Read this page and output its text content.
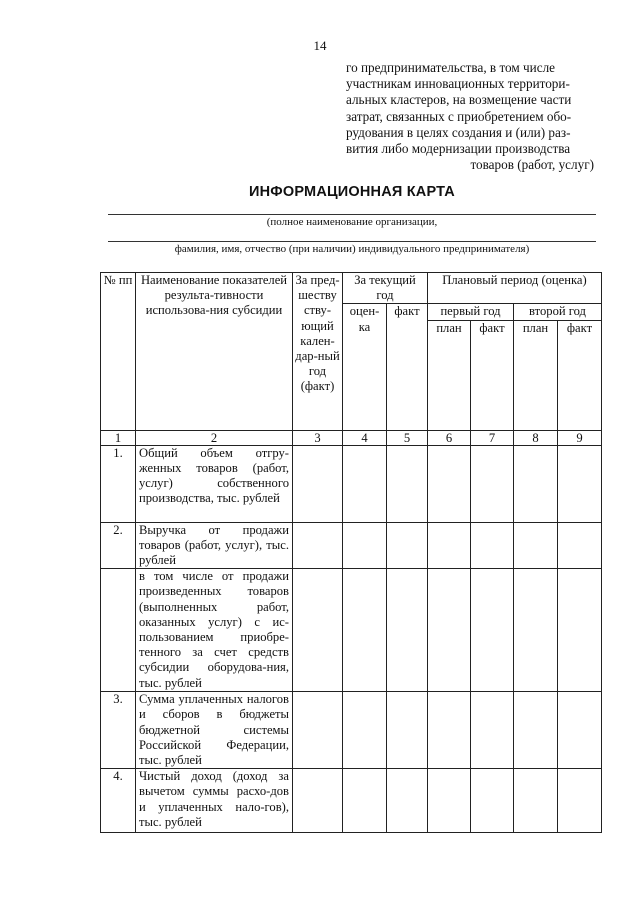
14
го предпринимательства, в том числе
участникам инновационных территори-
альных кластеров, на возмещение части
затрат, связанных с приобретением обо-
рудования в целях создания и (или) раз-
вития либо модернизации производства
товаров (работ, услуг)
ИНФОРМАЦИОННАЯ КАРТА
(полное наименование организации,
фамилия, имя, отчество (при наличии) индивидуального предпринимателя)
№ пп	Наименование показателей результа-тивности использова-ния субсидии	За пред-шеству ству-ющий кален-дар-ный год (факт)	За текущий год		Плановый период (оценка)			
			оцен-ка	факт	первый год		второй год	
					план	факт	план	факт
1	2	3	4	5	6	7	8	9
1.	Общий объем отгру-женных товаров (работ, услуг) собственного производства, тыс. рублей							
2.	Выручка от продажи товаров (работ, услуг), тыс. рублей							
	в том числе от продажи произведенных товаров (выполненных работ, оказанных услуг) с ис-пользованием приобре-тенного за счет средств субсидии оборудова-ния, тыс. рублей							
3.	Сумма уплаченных налогов и сборов в бюджеты бюджетной системы Российской Федерации, тыс. рублей							
4.	Чистый доход (доход за вычетом суммы расхо-дов и уплаченных нало-гов), тыс. рублей							
